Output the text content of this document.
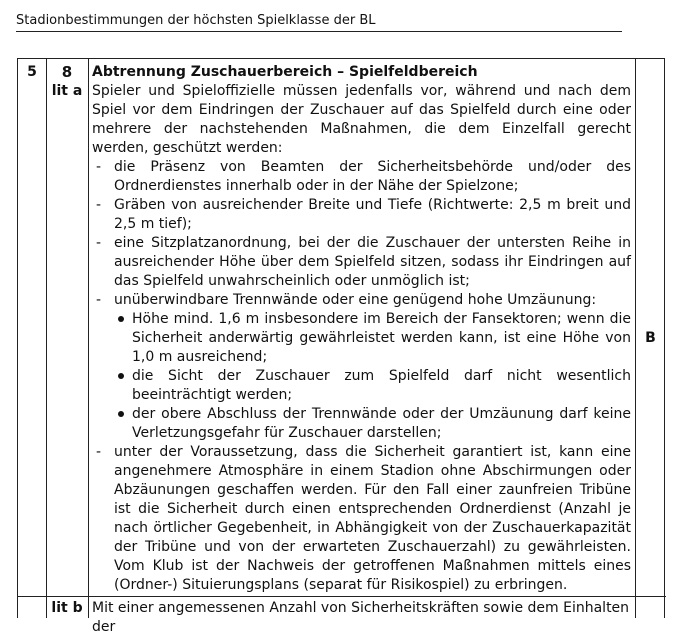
Stadionbestimmungen der höchsten Spielklasse der BL
5	8
lit a
Abtrennung Zuschauerbereich – Spielfeldbereich

Spieler und Spieloffizielle müssen jedenfalls vor, während und nach dem Spiel vor dem Eindringen der Zuschauer auf das Spielfeld durch eine oder mehrere der nachstehenden Maßnahmen, die dem Einzelfall gerecht werden, geschützt werden:

- die Präsenz von Beamten der Sicherheitsbehörde und/oder des Ordnerdienstes innerhalb oder in der Nähe der Spielzone;
- Gräben von ausreichender Breite und Tiefe (Richtwerte: 2,5 m breit und 2,5 m tief);
- eine Sitzplatzanordnung, bei der die Zuschauer der untersten Reihe in ausreichender Höhe über dem Spielfeld sitzen, sodass ihr Eindringen auf das Spielfeld unwahrscheinlich oder unmöglich ist;
- unüberwindbare Trennwände oder eine genügend hohe Umzäunung:
Höhe mind. 1,6 m insbesondere im Bereich der Fansektoren; wenn die Sicherheit anderwärtig gewährleistet werden kann, ist eine Höhe von 1,0 m ausreichend;
die Sicht der Zuschauer zum Spielfeld darf nicht wesentlich beeinträchtigt werden;
der obere Abschluss der Trennwände oder der Umzäunung darf keine Verletzungsgefahr für Zuschauer darstellen;
- unter der Voraussetzung, dass die Sicherheit garantiert ist, kann eine angenehmere Atmosphäre in einem Stadion ohne Abschirmungen oder Abzäunungen geschaffen werden. Für den Fall einer zaunfreien Tribüne ist die Sicherheit durch einen entsprechenden Ordnerdienst (Anzahl je nach örtlicher Gegebenheit, in Abhängigkeit von der Zuschauerkapazität der Tribüne und von der erwarteten Zuschauerzahl) zu gewährleisten. Vom Klub ist der Nachweis der getroffenen Maßnahmen mittels eines (Ordner-) Situierungsplans (separat für Risikospiel) zu erbringen.
B
lit b Mit einer angemessenen Anzahl von Sicherheitskräften sowie dem Einhalten der
